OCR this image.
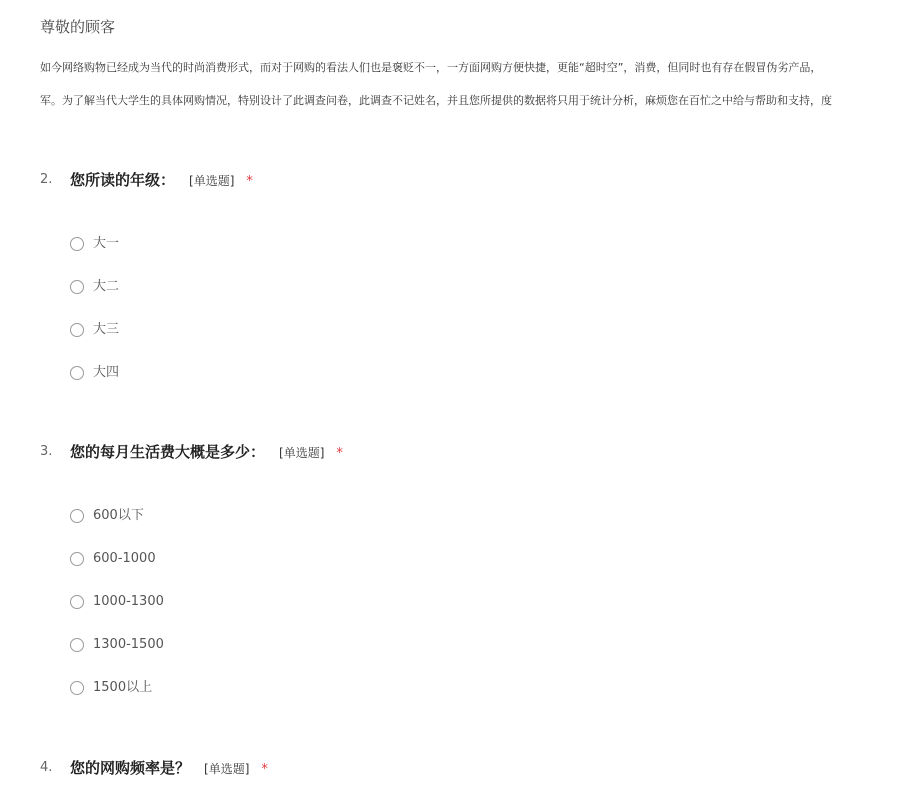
尊敬的顾客
如今网络购物已经成为当代的时尚消费形式，而对于网购的看法人们也是褒贬不一，一方面网购方便快捷，更能“超时空”，消费，但同时也有存在假冒伪劣产品，
军。为了解当代大学生的具体网购情况，特别设计了此调查问卷，此调查不记姓名，并且您所提供的数据将只用于统计分析，麻烦您在百忙之中给与帮助和支持，度
2. 您所读的年级： [单选题] *
大一
大二
大三
大四
3. 您的每月生活费大概是多少： [单选题] *
600以下
600-1000
1000-1300
1300-1500
1500以上
4. 您的网购频率是？ [单选题] *
